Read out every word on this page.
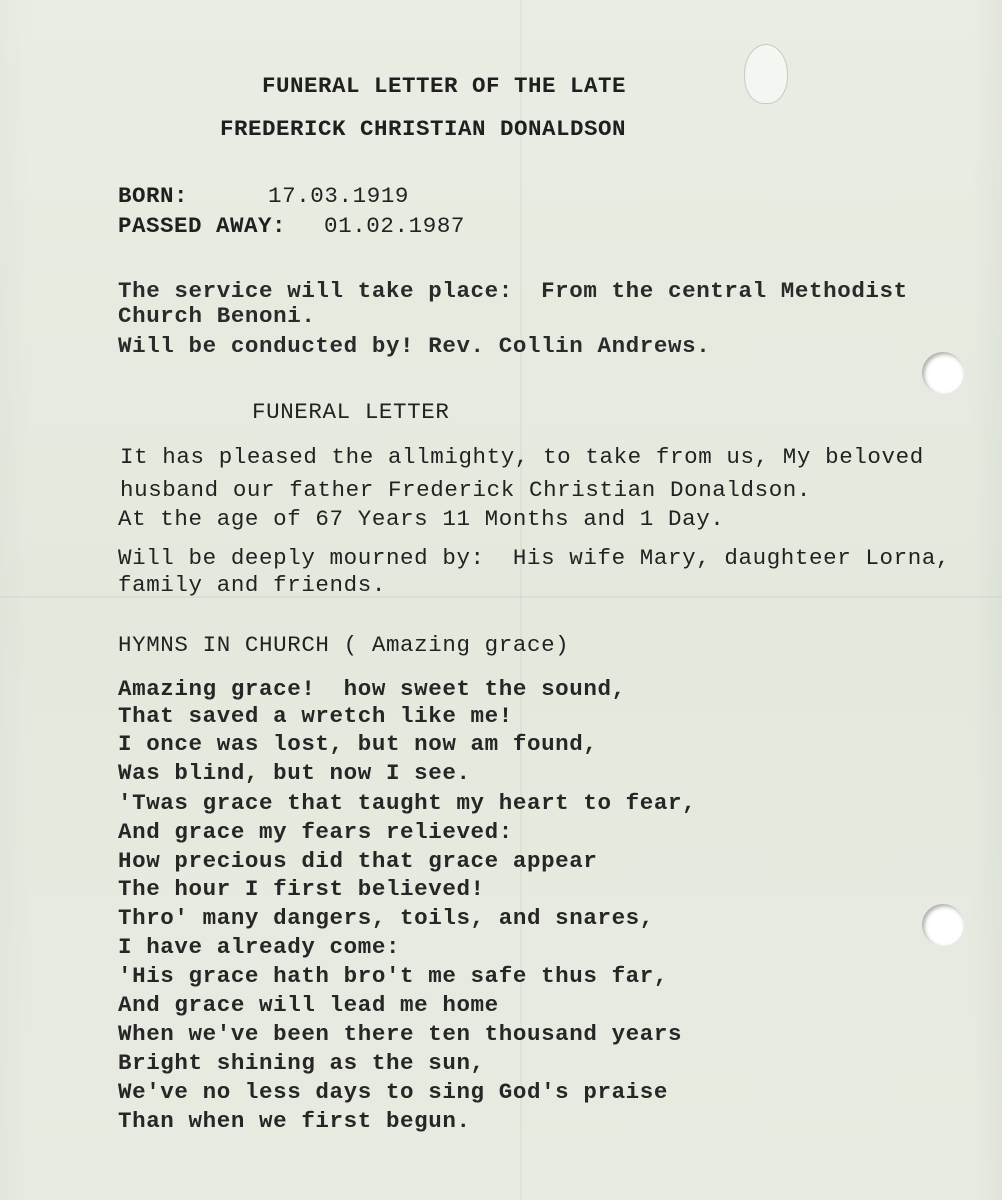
FUNERAL LETTER OF THE LATE

FREDERICK CHRISTIAN DONALDSON

BORN:	17.03.1919

PASSED AWAY: 01.02.1987

The service will take place:  From the central Methodist

Church Benoni.

Will be conducted by! Rev. Collin Andrews.

FUNERAL LETTER

It has pleased the allmighty, to take from us, My beloved

husband our father Frederick Christian Donaldson.

At the age of 67 Years 11 Months and 1 Day.

Will be deeply mourned by:  His wife Mary, daughteer Lorna,

family and friends.

HYMNS IN CHURCH ( Amazing grace)

Amazing grace!  how sweet the sound,

That saved a wretch like me!

I once was lost, but now am found,

Was blind, but now I see.

'Twas grace that taught my heart to fear,

And grace my fears relieved:

How precious did that grace appear

The hour I first believed!

Thro' many dangers, toils, and snares,

I have already come:

'His grace hath bro't me safe thus far,

And grace will lead me home

When we've been there ten thousand years

Bright shining as the sun,

We've no less days to sing God's praise

Than when we first begun.
